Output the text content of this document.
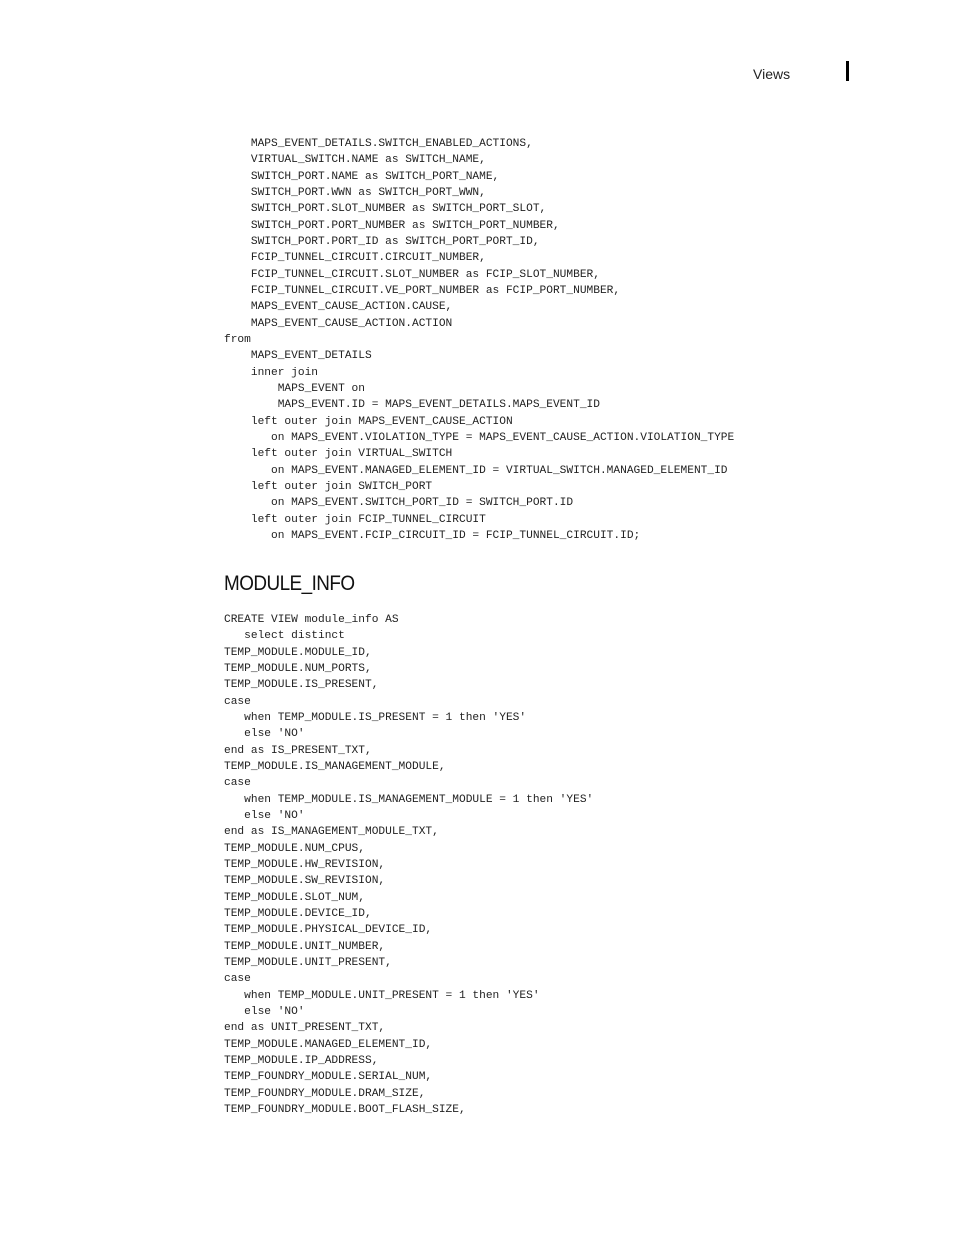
Views
MAPS_EVENT_DETAILS.SWITCH_ENABLED_ACTIONS,
VIRTUAL_SWITCH.NAME as SWITCH_NAME,
SWITCH_PORT.NAME as SWITCH_PORT_NAME,
SWITCH_PORT.WWN as SWITCH_PORT_WWN,
SWITCH_PORT.SLOT_NUMBER as SWITCH_PORT_SLOT,
SWITCH_PORT.PORT_NUMBER as SWITCH_PORT_NUMBER,
SWITCH_PORT.PORT_ID as SWITCH_PORT_PORT_ID,
FCIP_TUNNEL_CIRCUIT.CIRCUIT_NUMBER,
FCIP_TUNNEL_CIRCUIT.SLOT_NUMBER as FCIP_SLOT_NUMBER,
FCIP_TUNNEL_CIRCUIT.VE_PORT_NUMBER as FCIP_PORT_NUMBER,
MAPS_EVENT_CAUSE_ACTION.CAUSE,
MAPS_EVENT_CAUSE_ACTION.ACTION
from
MAPS_EVENT_DETAILS
inner join
MAPS_EVENT on
MAPS_EVENT.ID = MAPS_EVENT_DETAILS.MAPS_EVENT_ID
left outer join MAPS_EVENT_CAUSE_ACTION
on MAPS_EVENT.VIOLATION_TYPE = MAPS_EVENT_CAUSE_ACTION.VIOLATION_TYPE
left outer join VIRTUAL_SWITCH
on MAPS_EVENT.MANAGED_ELEMENT_ID = VIRTUAL_SWITCH.MANAGED_ELEMENT_ID
left outer join SWITCH_PORT
on MAPS_EVENT.SWITCH_PORT_ID = SWITCH_PORT.ID
left outer join FCIP_TUNNEL_CIRCUIT
on MAPS_EVENT.FCIP_CIRCUIT_ID = FCIP_TUNNEL_CIRCUIT.ID;
MODULE_INFO
CREATE VIEW module_info AS
select distinct
TEMP_MODULE.MODULE_ID,
TEMP_MODULE.NUM_PORTS,
TEMP_MODULE.IS_PRESENT,
case
when TEMP_MODULE.IS_PRESENT = 1 then 'YES'
else 'NO'
end as IS_PRESENT_TXT,
TEMP_MODULE.IS_MANAGEMENT_MODULE,
case
when TEMP_MODULE.IS_MANAGEMENT_MODULE = 1 then 'YES'
else 'NO'
end as IS_MANAGEMENT_MODULE_TXT,
TEMP_MODULE.NUM_CPUS,
TEMP_MODULE.HW_REVISION,
TEMP_MODULE.SW_REVISION,
TEMP_MODULE.SLOT_NUM,
TEMP_MODULE.DEVICE_ID,
TEMP_MODULE.PHYSICAL_DEVICE_ID,
TEMP_MODULE.UNIT_NUMBER,
TEMP_MODULE.UNIT_PRESENT,
case
when TEMP_MODULE.UNIT_PRESENT = 1 then 'YES'
else 'NO'
end as UNIT_PRESENT_TXT,
TEMP_MODULE.MANAGED_ELEMENT_ID,
TEMP_MODULE.IP_ADDRESS,
TEMP_FOUNDRY_MODULE.SERIAL_NUM,
TEMP_FOUNDRY_MODULE.DRAM_SIZE,
TEMP_FOUNDRY_MODULE.BOOT_FLASH_SIZE,
